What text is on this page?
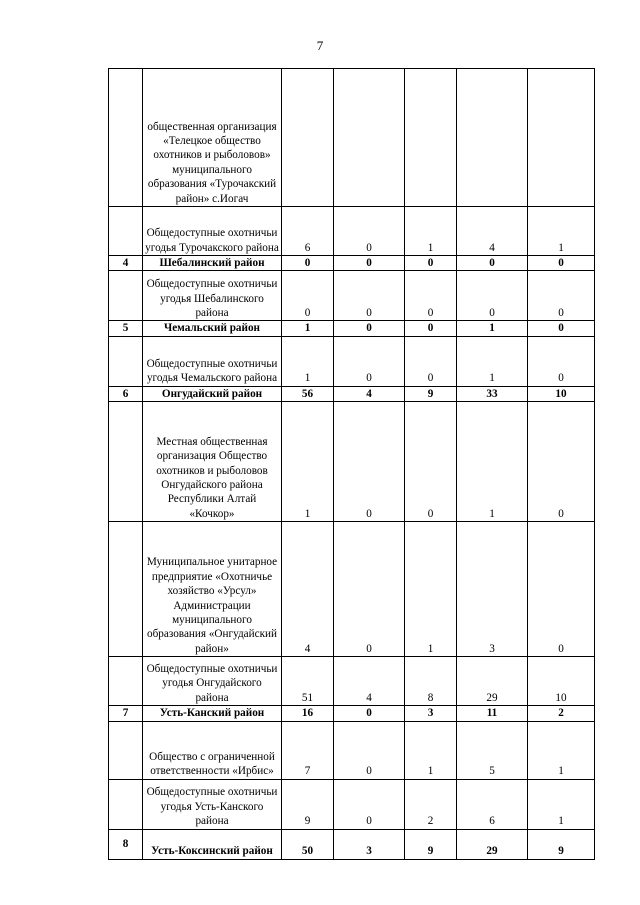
7
	общественная организация «Телецкое общество охотников и рыболовов» муниципального образования «Турочакский район» с.Иогач					
	Общедоступные охотничьи угодья Турочакского района	6	0	1	4	1
4	Шебалинский район	0	0	0	0	0
	Общедоступные охотничьи угодья Шебалинского района	0	0	0	0	0
5	Чемальский район	1	0	0	1	0
	Общедоступные охотничьи угодья Чемальского района	1	0	0	1	0
6	Онгудайский район	56	4	9	33	10
	Местная общественная организация Общество охотников и рыболовов Онгудайского района Республики Алтай «Кочкор»	1	0	0	1	0
	Муниципальное унитарное предприятие «Охотничье хозяйство «Урсул» Администрации муниципального образования «Онгудайский район»	4	0	1	3	0
	Общедоступные охотничьи угодья Онгудайского района	51	4	8	29	10
7	Усть-Канский район	16	0	3	11	2
	Общество с ограниченной ответственности «Ирбис»	7	0	1	5	1
	Общедоступные охотничьи угодья Усть-Канского района	9	0	2	6	1
8	Усть-Коксинский район	50	3	9	29	9
